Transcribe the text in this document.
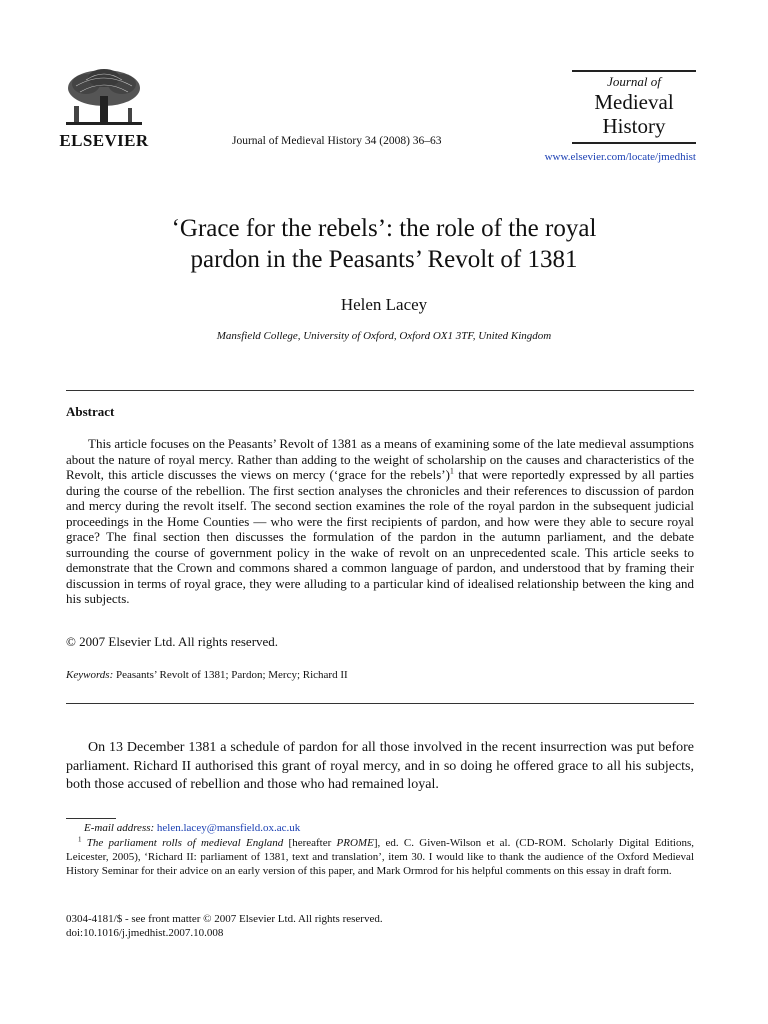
ELSEVIER	Journal of Medieval History 34 (2008) 36–63
Journal of
Medieval
History
www.elsevier.com/locate/jmedhist
‘Grace for the rebels’: the role of the royal
pardon in the Peasants’ Revolt of 1381
Helen Lacey
Mansfield College, University of Oxford, Oxford OX1 3TF, United Kingdom
Abstract

This article focuses on the Peasants’ Revolt of 1381 as a means of examining some of the late medieval assumptions about the nature of royal mercy. Rather than adding to the weight of scholarship on the causes and characteristics of the Revolt, this article discusses the views on mercy (‘grace for the rebels’)$^1$ that were reportedly expressed by all parties during the course of the rebellion. The first section analyses the chronicles and their references to discussion of pardon and mercy during the revolt itself. The second section examines the role of the royal pardon in the subsequent judicial proceedings in the Home Counties — who were the first recipients of pardon, and how were they able to secure royal grace? The final section then discusses the formulation of the pardon in the autumn parliament, and the debate surrounding the course of government policy in the wake of revolt on an unprecedented scale. This article seeks to demonstrate that the Crown and commons shared a common language of pardon, and understood that by framing their discussion in terms of royal grace, they were alluding to a particular kind of idealised relationship between the king and his subjects.

© 2007 Elsevier Ltd. All rights reserved.
Keywords: Peasants’ Revolt of 1381; Pardon; Mercy; Richard II

On 13 December 1381 a schedule of pardon for all those involved in the recent insurrection was put before parliament. Richard II authorised this grant of royal mercy, and in so doing he offered grace to all his subjects, both those accused of rebellion and those who had remained loyal.

E-mail address: helen.lacey@mansfield.ox.ac.uk

$^1$ The parliament rolls of medieval England [hereafter PROME], ed. C. Given-Wilson et al. (CD-ROM. Scholarly Digital Editions, Leicester, 2005), ‘Richard II: parliament of 1381, text and translation’, item 30. I would like to thank the audience of the Oxford Medieval History Seminar for their advice on an early version of this paper, and Mark Ormrod for his helpful comments on this essay in draft form.

0304-4181/$ - see front matter © 2007 Elsevier Ltd. All rights reserved.
doi:10.1016/j.jmedhist.2007.10.008
